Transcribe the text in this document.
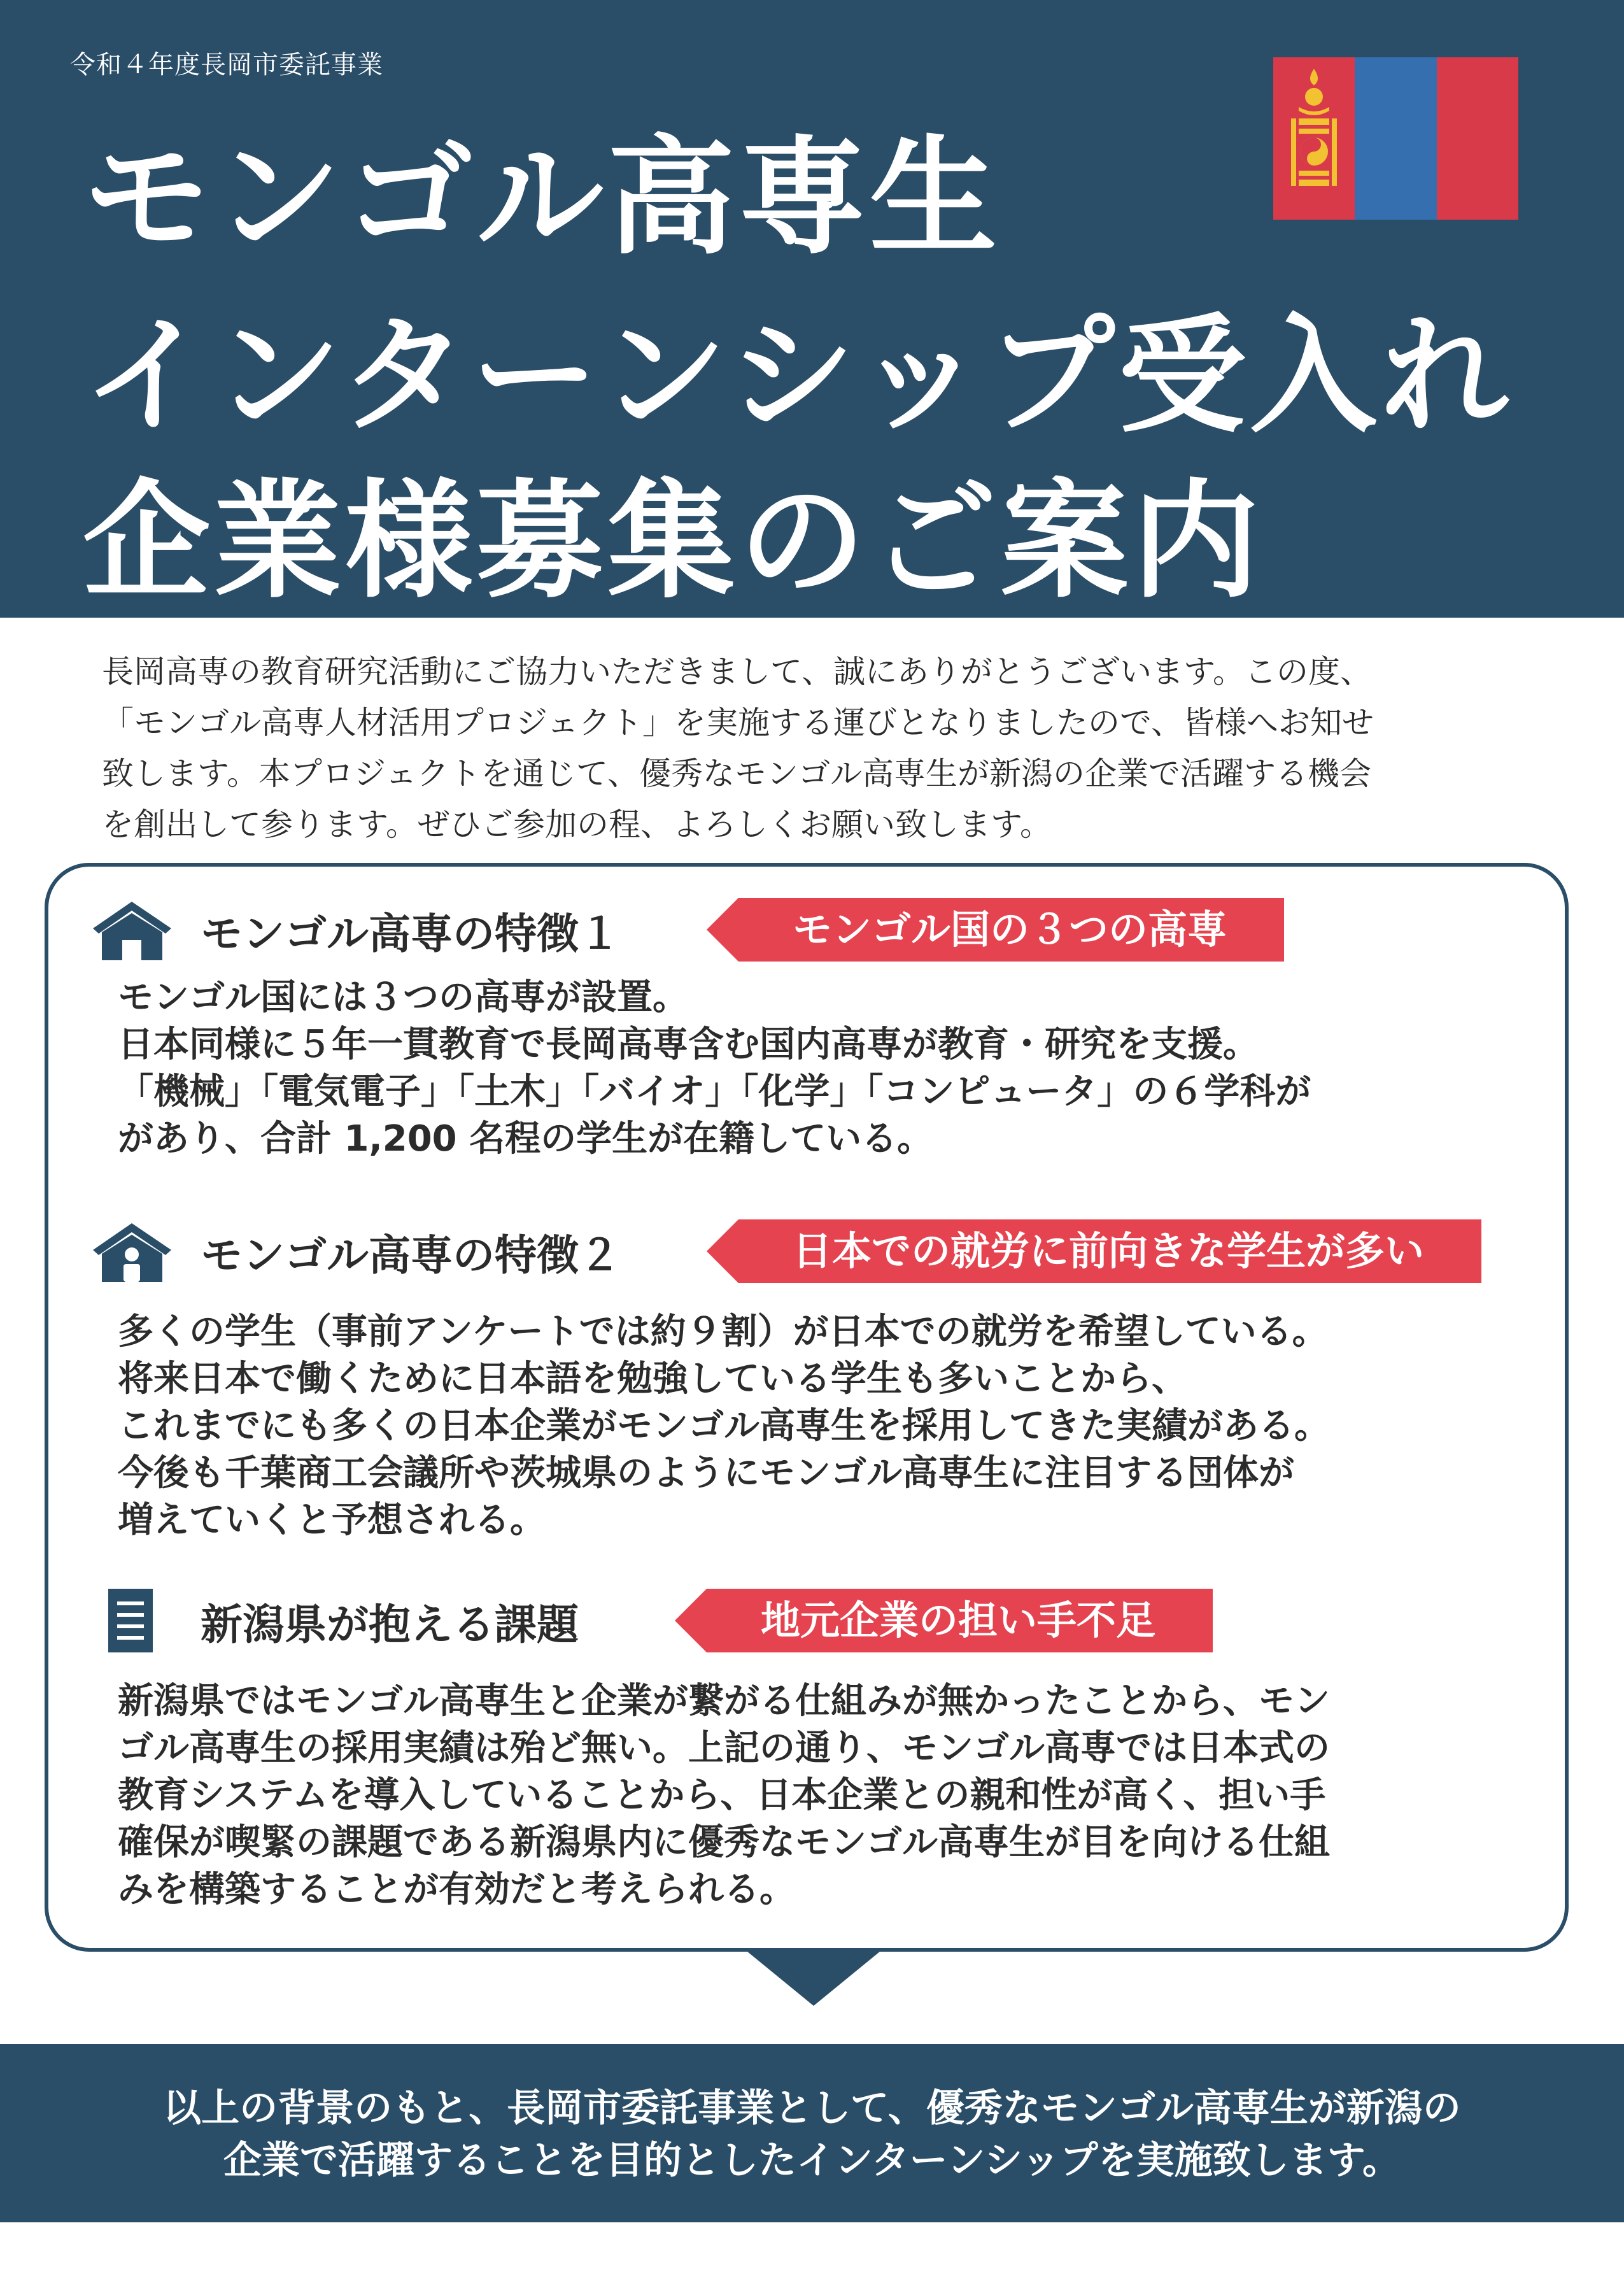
令和４年度長岡市委託事業
モンゴル高専生
インターンシップ受入れ
企業様募集のご案内

長岡高専の教育研究活動にご協力いただきまして、誠にありがとうございます。この度、

「モンゴル高専人材活用プロジェクト」を実施する運びとなりましたので、皆様へお知せ

致します。本プロジェクトを通じて、優秀なモンゴル高専生が新潟の企業で活躍する機会

を創出して参ります。ぜひご参加の程、よろしくお願い致します。

モンゴル高専の特徴１	モンゴル国の３つの高専

モンゴル国には３つの高専が設置。

日本同様に５年一貫教育で長岡高専含む国内高専が教育・研究を支援。

「機械」「電気電子」「土木」「バイオ」「化学」「コンピュータ」の６学科が

があり、合計 1,200 名程の学生が在籍している。

モンゴル高専の特徴２	日本での就労に前向きな学生が多い

多くの学生（事前アンケートでは約９割）が日本での就労を希望している。

将来日本で働くために日本語を勉強している学生も多いことから、

これまでにも多くの日本企業がモンゴル高専生を採用してきた実績がある。

今後も千葉商工会議所や茨城県のようにモンゴル高専生に注目する団体が

増えていくと予想される。

新潟県が抱える課題	地元企業の担い手不足

新潟県ではモンゴル高専生と企業が繋がる仕組みが無かったことから、モン

ゴル高専生の採用実績は殆ど無い。上記の通り、モンゴル高専では日本式の

教育システムを導入していることから、日本企業との親和性が高く、担い手

確保が喫緊の課題である新潟県内に優秀なモンゴル高専生が目を向ける仕組

みを構築することが有効だと考えられる。

以上の背景のもと、長岡市委託事業として、優秀なモンゴル高専生が新潟の

企業で活躍することを目的としたインターンシップを実施致します。
